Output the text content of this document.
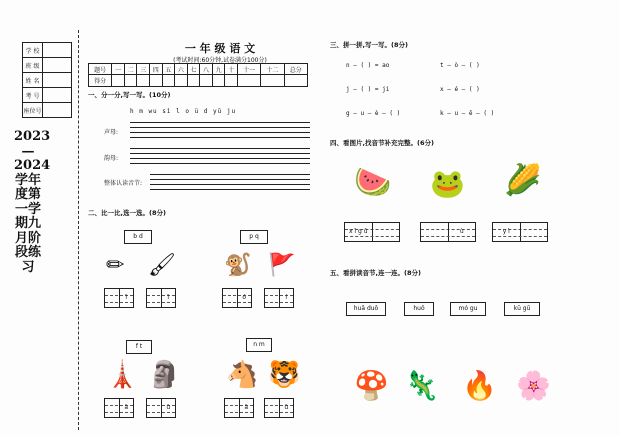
学 校	
班 级	
姓 名	
考 号	
座位号	
2023—2024学年度第一学期九月阶段练习
一 年 级 语 文
(考试时间:60分钟,试卷满分100分)
题号	一	二	三	四	五	六	七	八	九	十	十一	十二	总分
得分													
一、分一分,写一写。(10分)
h m wu sì l o ü d yū ju
声母:
韵母:
整体认读音节:
二、比一比,选一选。(8分)
b d	p q
✏ 🖌 🐒 🚩
ǐ	ǐ	ó	í
f t	n m
🗼 🗿 🐴 🐯
ǎ	ǔ	ǎ	ǔ
三、拼一拼,写一写。(8分)
n — ( ) = ao	t — ò — ( )
j — ( ) = ji	x — é — ( )
g — u — è — ( )	k — u — ē — ( )
四、看图片,找音节补充完整。(6分)
🍉 🐸 🌽
x ī g ū	ù	y ì
五、看拼读音节,连一连。(8分)
huā duǒ	huǒ	mó gu	kū gū
🍄 🦎 🔥 🌸
